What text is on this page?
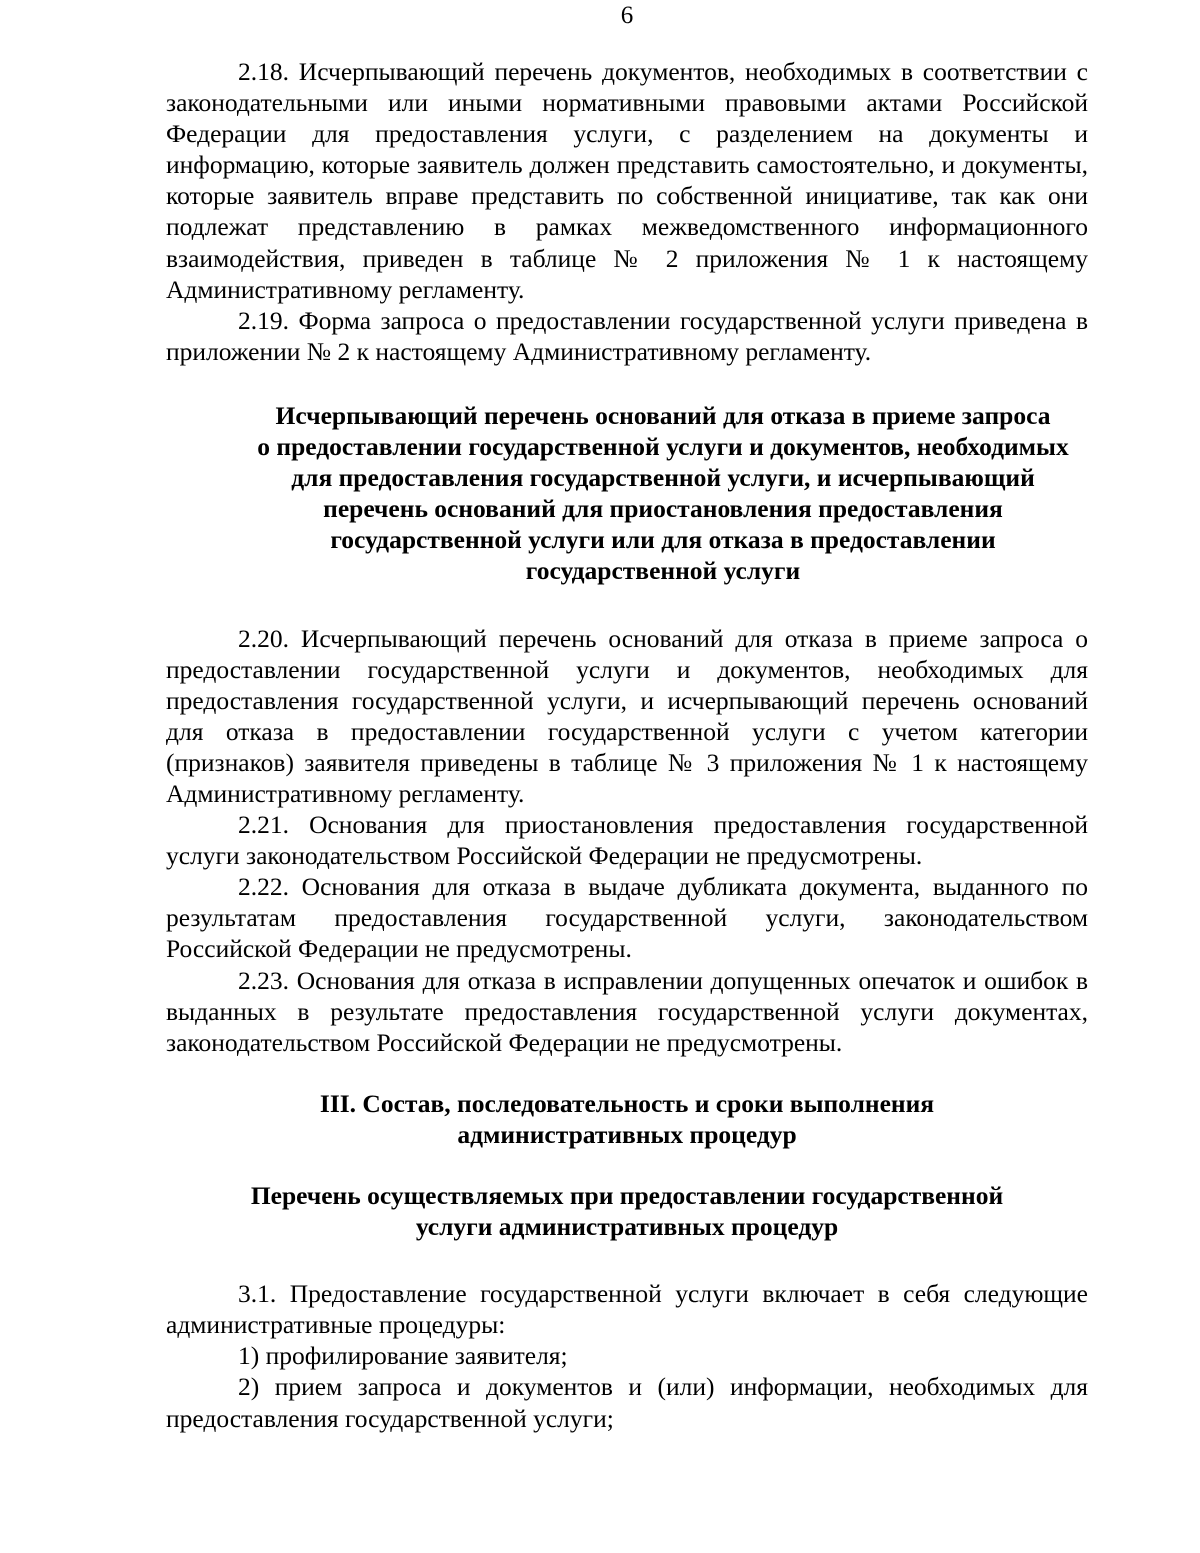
6

2.18. Исчерпывающий перечень документов, необходимых в соответствии с законодательными или иными нормативными правовыми актами Российской Федерации для предоставления услуги, с разделением на документы и информацию, которые заявитель должен представить самостоятельно, и документы, которые заявитель вправе представить по собственной инициативе, так как они подлежат представлению в рамках межведомственного информационного взаимодействия, приведен в таблице № 2 приложения № 1 к настоящему Административному регламенту.

2.19. Форма запроса о предоставлении государственной услуги приведена в приложении № 2 к настоящему Административному регламенту.

Исчерпывающий перечень оснований для отказа в приеме запроса
о предоставлении государственной услуги и документов, необходимых
для предоставления государственной услуги, и исчерпывающий
перечень оснований для приостановления предоставления
государственной услуги или для отказа в предоставлении
государственной услуги

2.20. Исчерпывающий перечень оснований для отказа в приеме запроса о предоставлении государственной услуги и документов, необходимых для предоставления государственной услуги, и исчерпывающий перечень оснований для отказа в предоставлении государственной услуги с учетом категории (признаков) заявителя приведены в таблице № 3 приложения № 1 к настоящему Административному регламенту.

2.21. Основания для приостановления предоставления государственной услуги законодательством Российской Федерации не предусмотрены.

2.22. Основания для отказа в выдаче дубликата документа, выданного по результатам предоставления государственной услуги, законодательством Российской Федерации не предусмотрены.

2.23. Основания для отказа в исправлении допущенных опечаток и ошибок в выданных в результате предоставления государственной услуги документах, законодательством Российской Федерации не предусмотрены.

III. Состав, последовательность и сроки выполнения
административных процедур
Перечень осуществляемых при предоставлении государственной
услуги административных процедур

3.1. Предоставление государственной услуги включает в себя следующие административные процедуры:

1) профилирование заявителя;

2) прием запроса и документов и (или) информации, необходимых для предоставления государственной услуги;
